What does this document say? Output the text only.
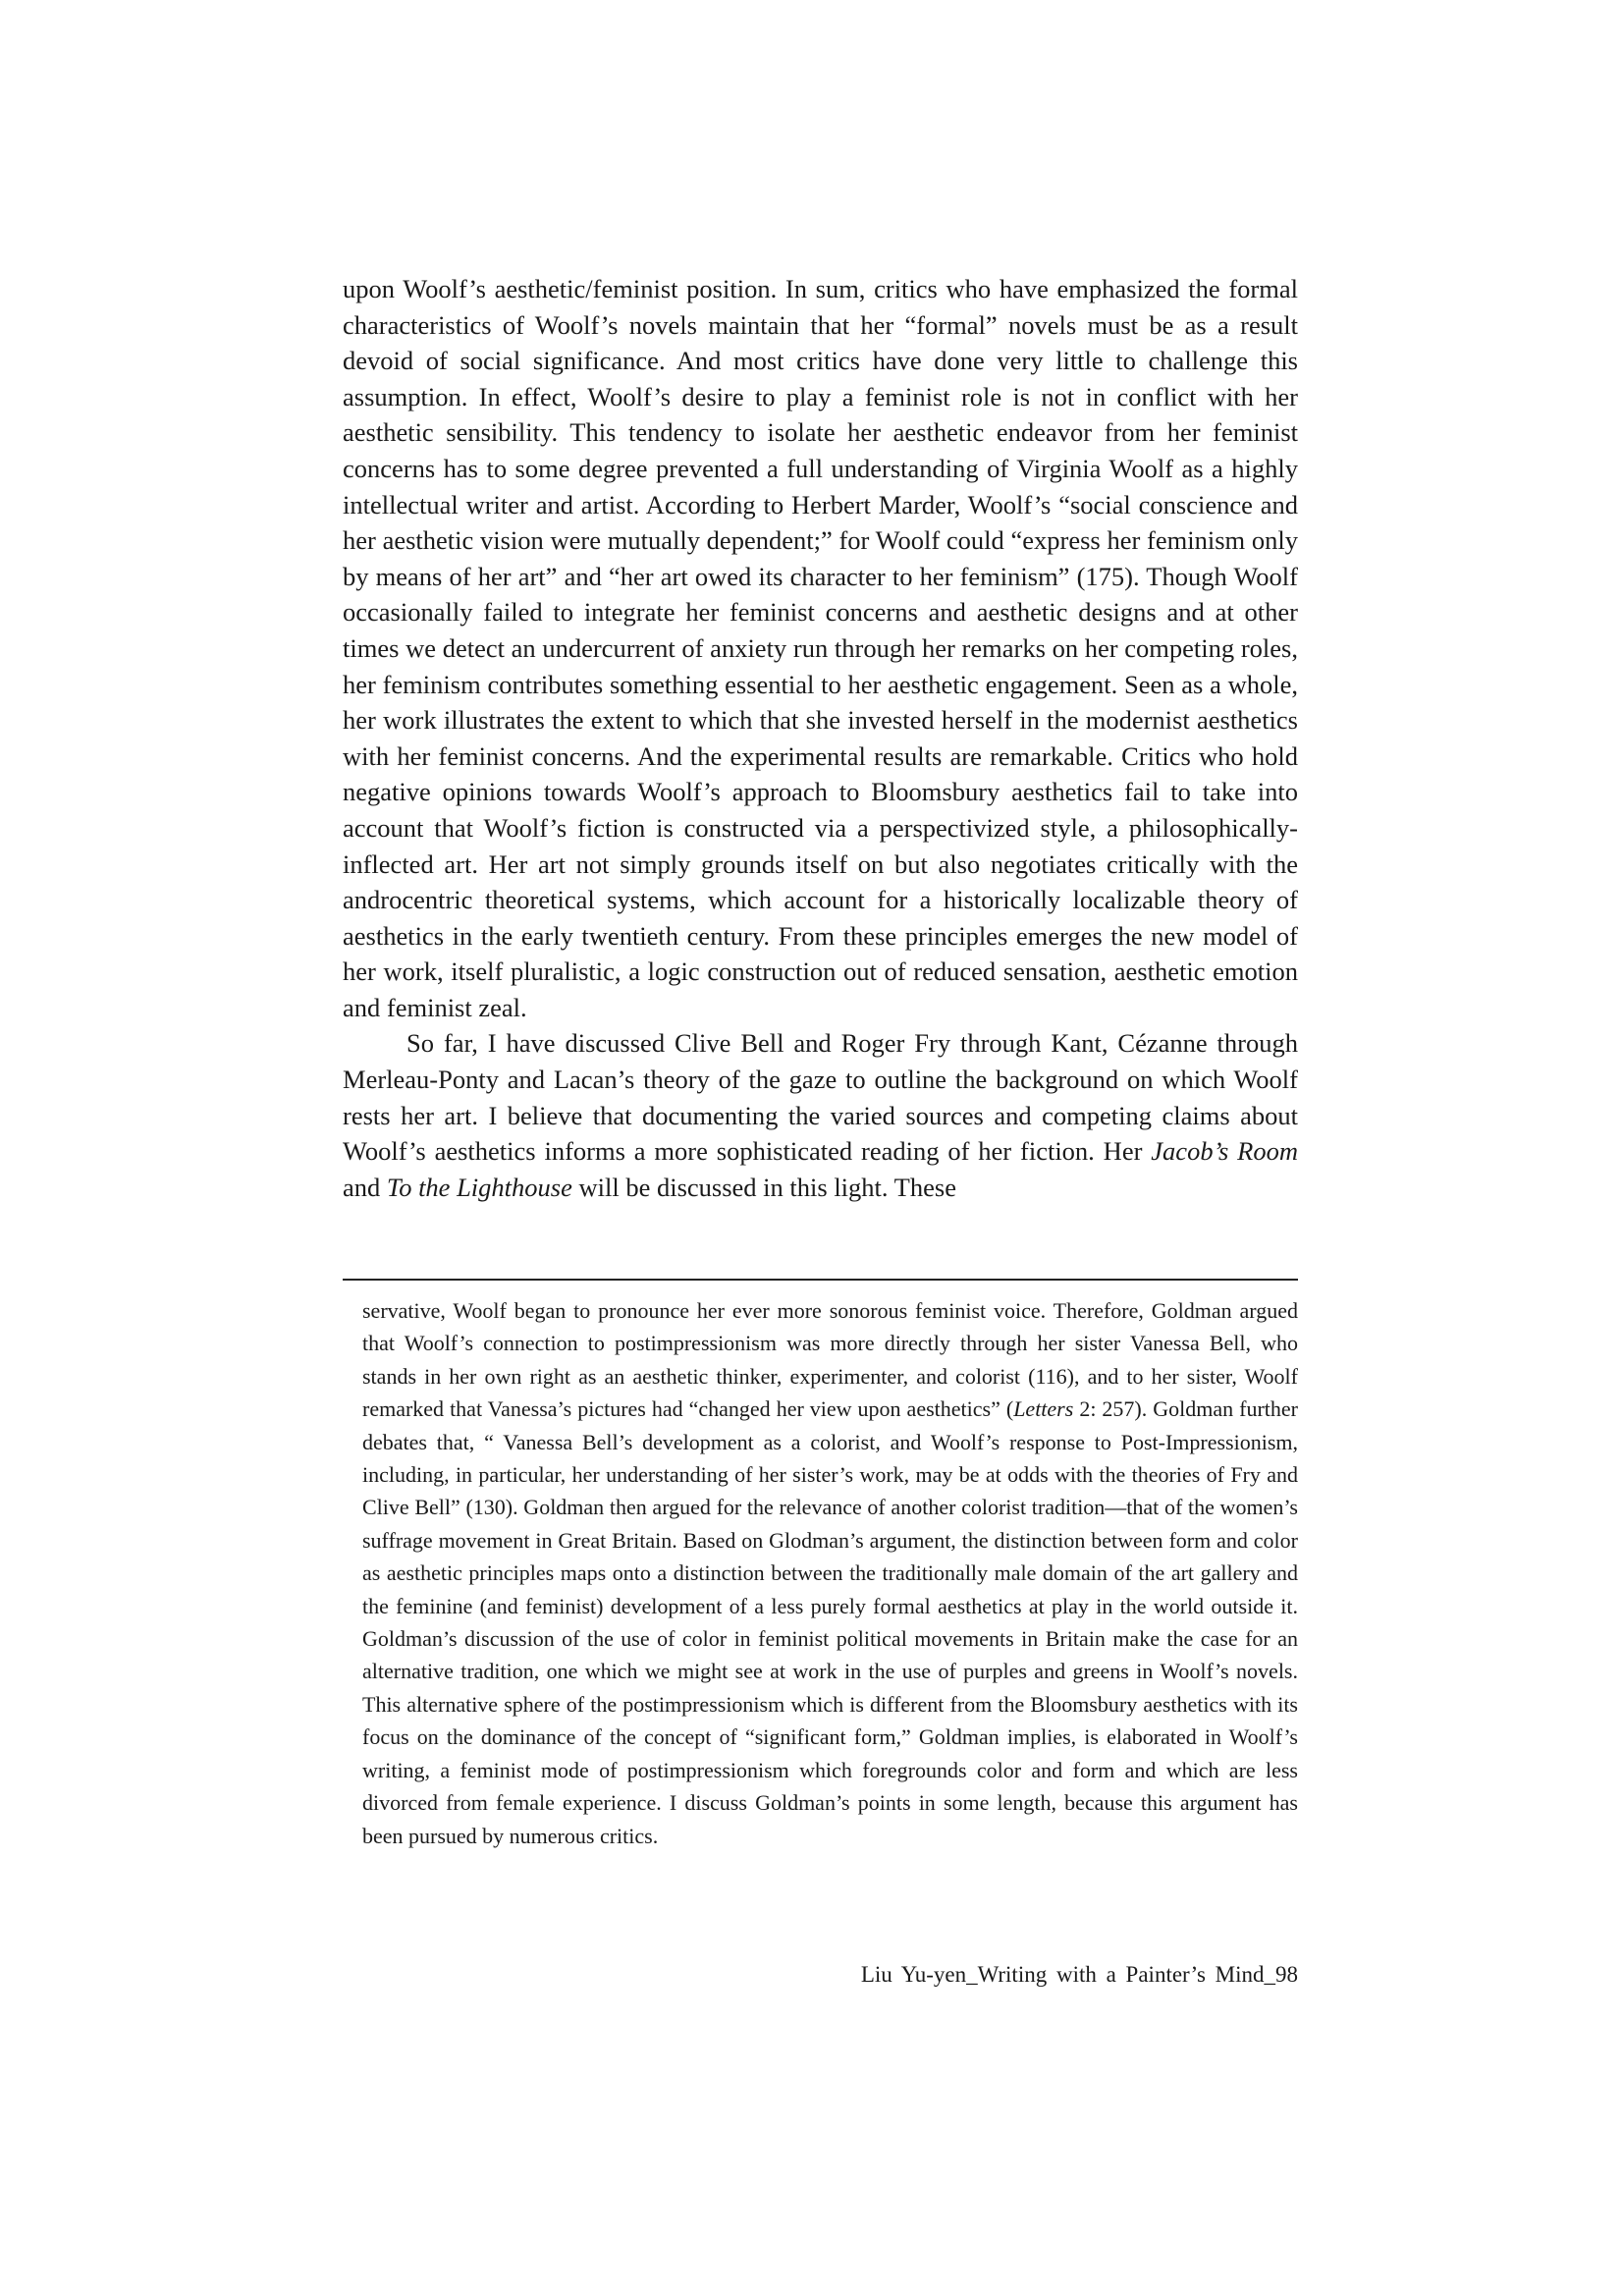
upon Woolf’s aesthetic/feminist position. In sum, critics who have emphasized the formal characteristics of Woolf’s novels maintain that her “formal” novels must be as a result devoid of social significance. And most critics have done very little to challenge this assumption. In effect, Woolf’s desire to play a feminist role is not in conflict with her aesthetic sensibility. This tendency to isolate her aesthetic endeavor from her feminist concerns has to some degree prevented a full understanding of Virginia Woolf as a highly intellectual writer and artist. According to Herbert Marder, Woolf’s “social conscience and her aesthetic vision were mutually dependent;” for Woolf could “express her feminism only by means of her art” and “her art owed its character to her feminism” (175). Though Woolf occasionally failed to integrate her feminist concerns and aesthetic designs and at other times we detect an undercurrent of anxiety run through her remarks on her competing roles, her feminism contributes something essential to her aesthetic engagement. Seen as a whole, her work illustrates the extent to which that she invested herself in the modernist aesthetics with her feminist concerns. And the experimental results are remarkable. Critics who hold negative opinions towards Woolf’s approach to Bloomsbury aesthetics fail to take into account that Woolf’s fiction is constructed via a perspectivized style, a philosophically-inflected art. Her art not simply grounds itself on but also negotiates critically with the androcentric theoretical systems, which account for a historically localizable theory of aesthetics in the early twentieth century. From these principles emerges the new model of her work, itself pluralistic, a logic construction out of reduced sensation, aesthetic emotion and feminist zeal.

So far, I have discussed Clive Bell and Roger Fry through Kant, Cézanne through Merleau-Ponty and Lacan’s theory of the gaze to outline the background on which Woolf rests her art. I believe that documenting the varied sources and competing claims about Woolf’s aesthetics informs a more sophisticated reading of her fiction. Her Jacob’s Room and To the Lighthouse will be discussed in this light. These

servative, Woolf began to pronounce her ever more sonorous feminist voice. Therefore, Goldman argued that Woolf’s connection to postimpressionism was more directly through her sister Vanessa Bell, who stands in her own right as an aesthetic thinker, experimenter, and colorist (116), and to her sister, Woolf remarked that Vanessa’s pictures had “changed her view upon aesthetics” (Letters 2: 257). Goldman further debates that, “ Vanessa Bell’s development as a colorist, and Woolf’s response to Post-Impressionism, including, in particular, her understanding of her sister’s work, may be at odds with the theories of Fry and Clive Bell” (130). Goldman then argued for the relevance of another colorist tradition—that of the women’s suffrage movement in Great Britain. Based on Glodman’s argument, the distinction between form and color as aesthetic principles maps onto a distinction between the traditionally male domain of the art gallery and the feminine (and feminist) development of a less purely formal aesthetics at play in the world outside it. Goldman’s discussion of the use of color in feminist political movements in Britain make the case for an alternative tradition, one which we might see at work in the use of purples and greens in Woolf’s novels. This alternative sphere of the postimpressionism which is different from the Bloomsbury aesthetics with its focus on the dominance of the concept of “significant form,” Goldman implies, is elaborated in Woolf’s writing, a feminist mode of postimpressionism which foregrounds color and form and which are less divorced from female experience. I discuss Goldman’s points in some length, because this argument has been pursued by numerous critics.

Liu Yu-yen_Writing with a Painter’s Mind_98
